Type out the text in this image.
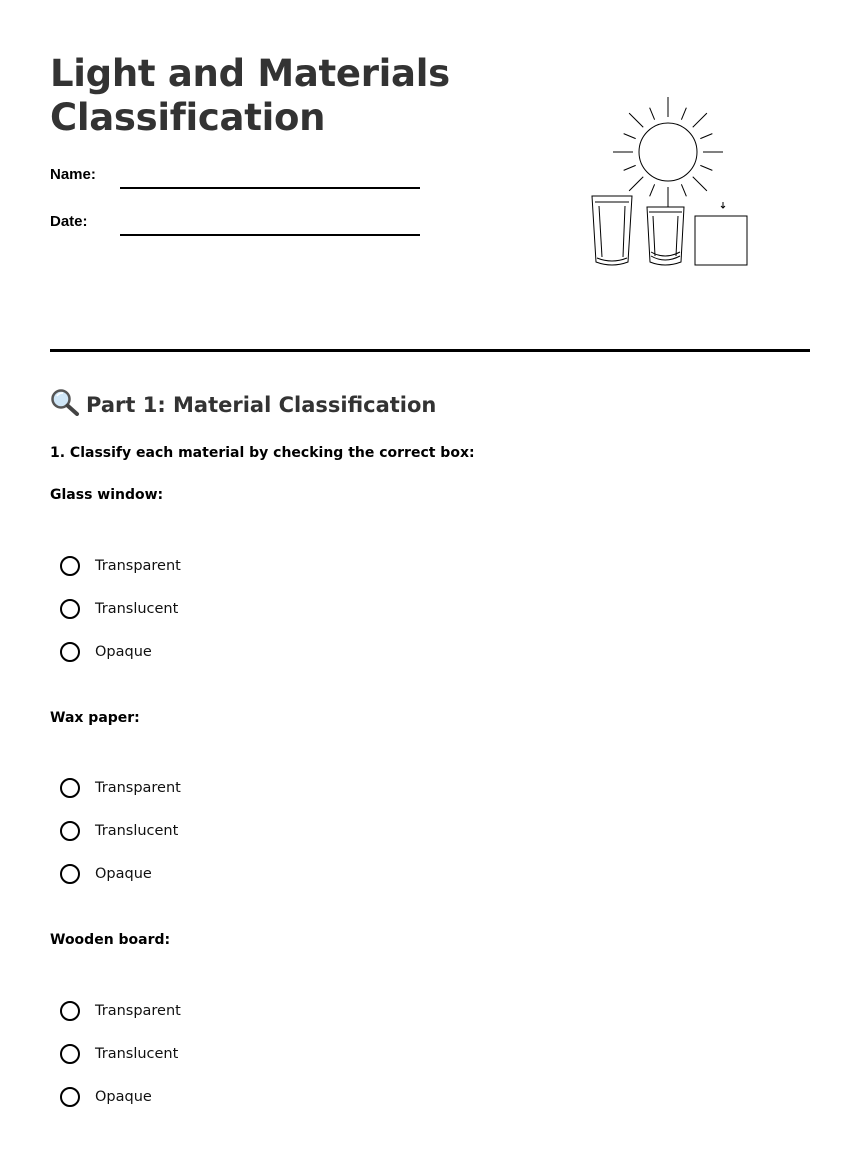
Light and Materials
Classification
Name:
Date:
Part 1: Material Classification
1. Classify each material by checking the correct box:
Glass window:
Transparent
Translucent
Opaque
Wax paper:
Transparent
Translucent
Opaque
Wooden board:
Transparent
Translucent
Opaque
